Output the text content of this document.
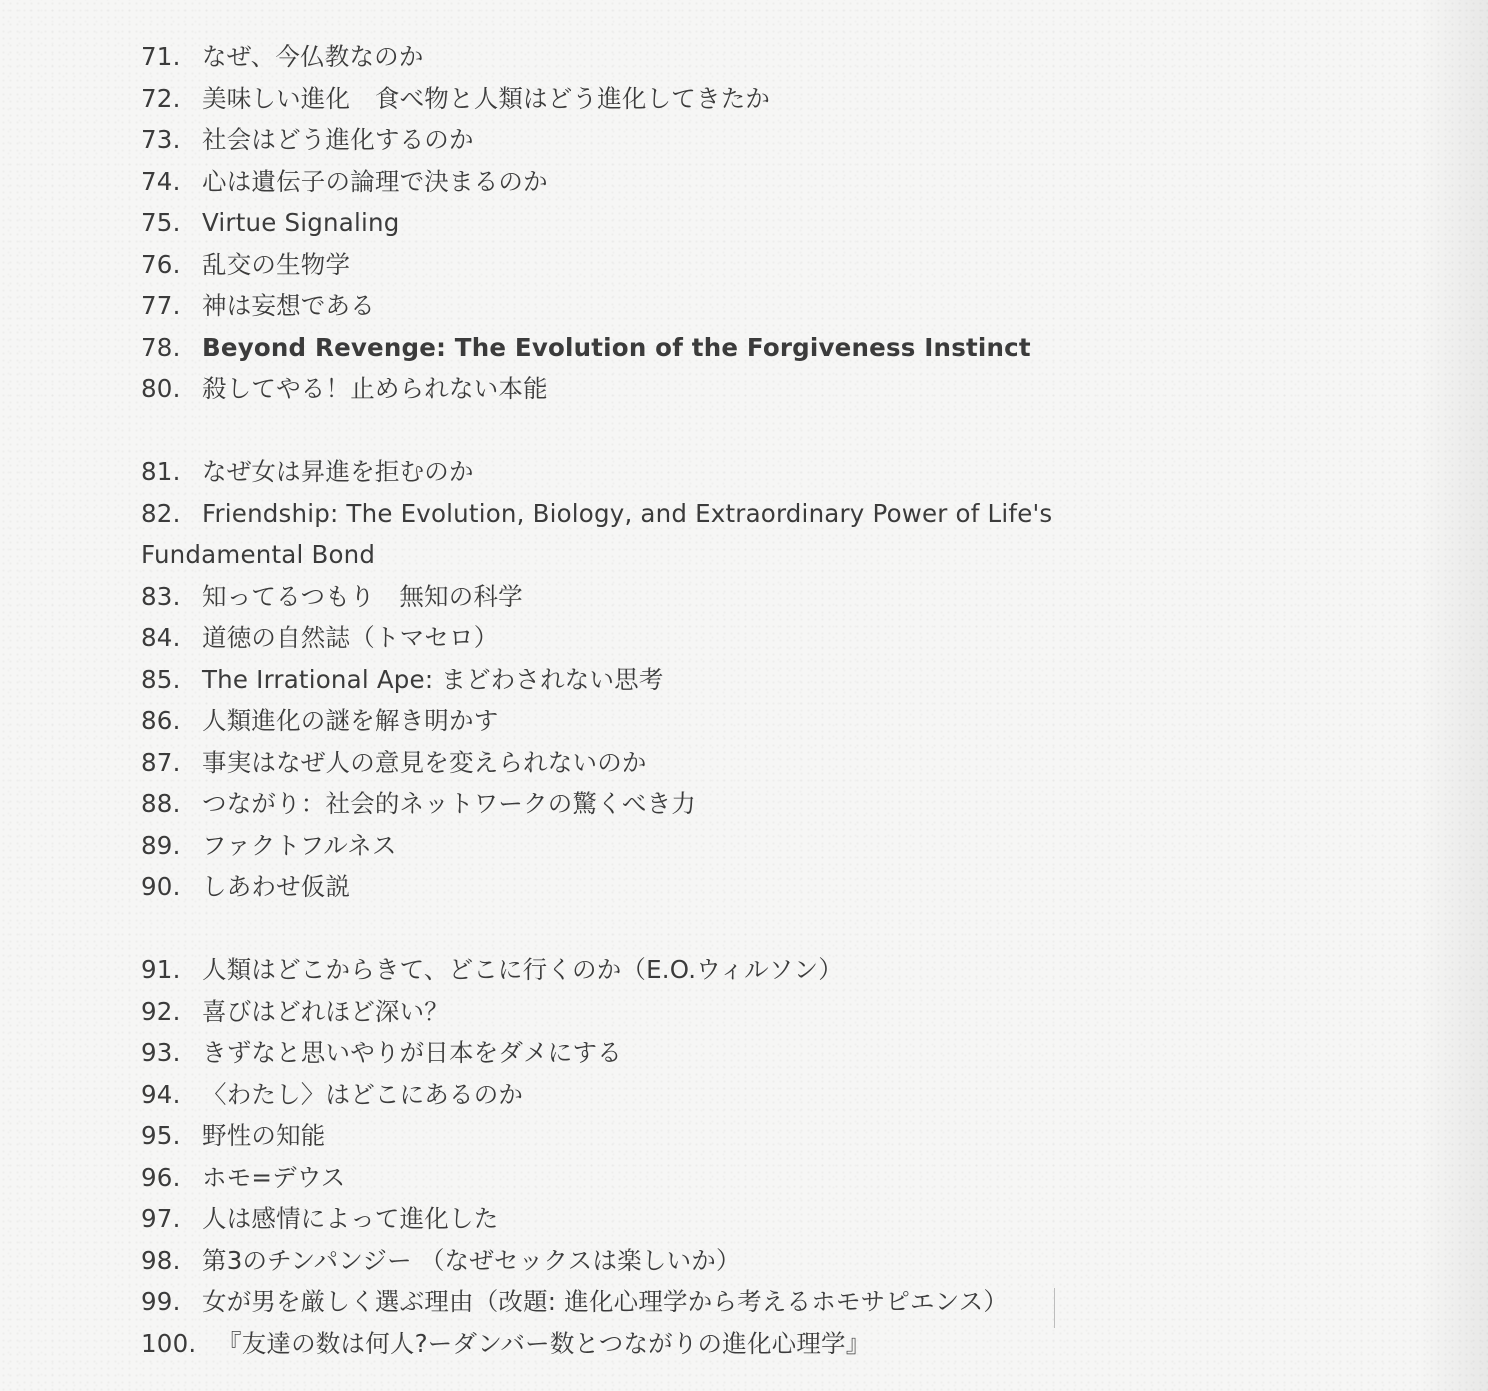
71. なぜ、今仏教なのか
72. 美味しい進化　食べ物と人類はどう進化してきたか
73. 社会はどう進化するのか
74. 心は遺伝子の論理で決まるのか
75. Virtue Signaling
76. 乱交の生物学
77. 神は妄想である
78. Beyond Revenge: The Evolution of the Forgiveness Instinct
80. 殺してやる！止められない本能
81. なぜ女は昇進を拒むのか
82. Friendship: The Evolution, Biology, and Extraordinary Power of Life's
Fundamental Bond
83. 知ってるつもり　無知の科学
84. 道徳の自然誌（トマセロ）
85. The Irrational Ape: まどわされない思考
86. 人類進化の謎を解き明かす
87. 事実はなぜ人の意見を変えられないのか
88. つながり：社会的ネットワークの驚くべき力
89. ファクトフルネス
90. しあわせ仮説
91. 人類はどこからきて、どこに行くのか（E.O.ウィルソン）
92. 喜びはどれほど深い？
93. きずなと思いやりが日本をダメにする
94. 〈わたし〉はどこにあるのか
95. 野性の知能
96. ホモ=デウス
97. 人は感情によって進化した
98. 第3のチンパンジー （なぜセックスは楽しいか）
99. 女が男を厳しく選ぶ理由（改題: 進化心理学から考えるホモサピエンス）
100. 『友達の数は何人?ーダンバー数とつながりの進化心理学』
